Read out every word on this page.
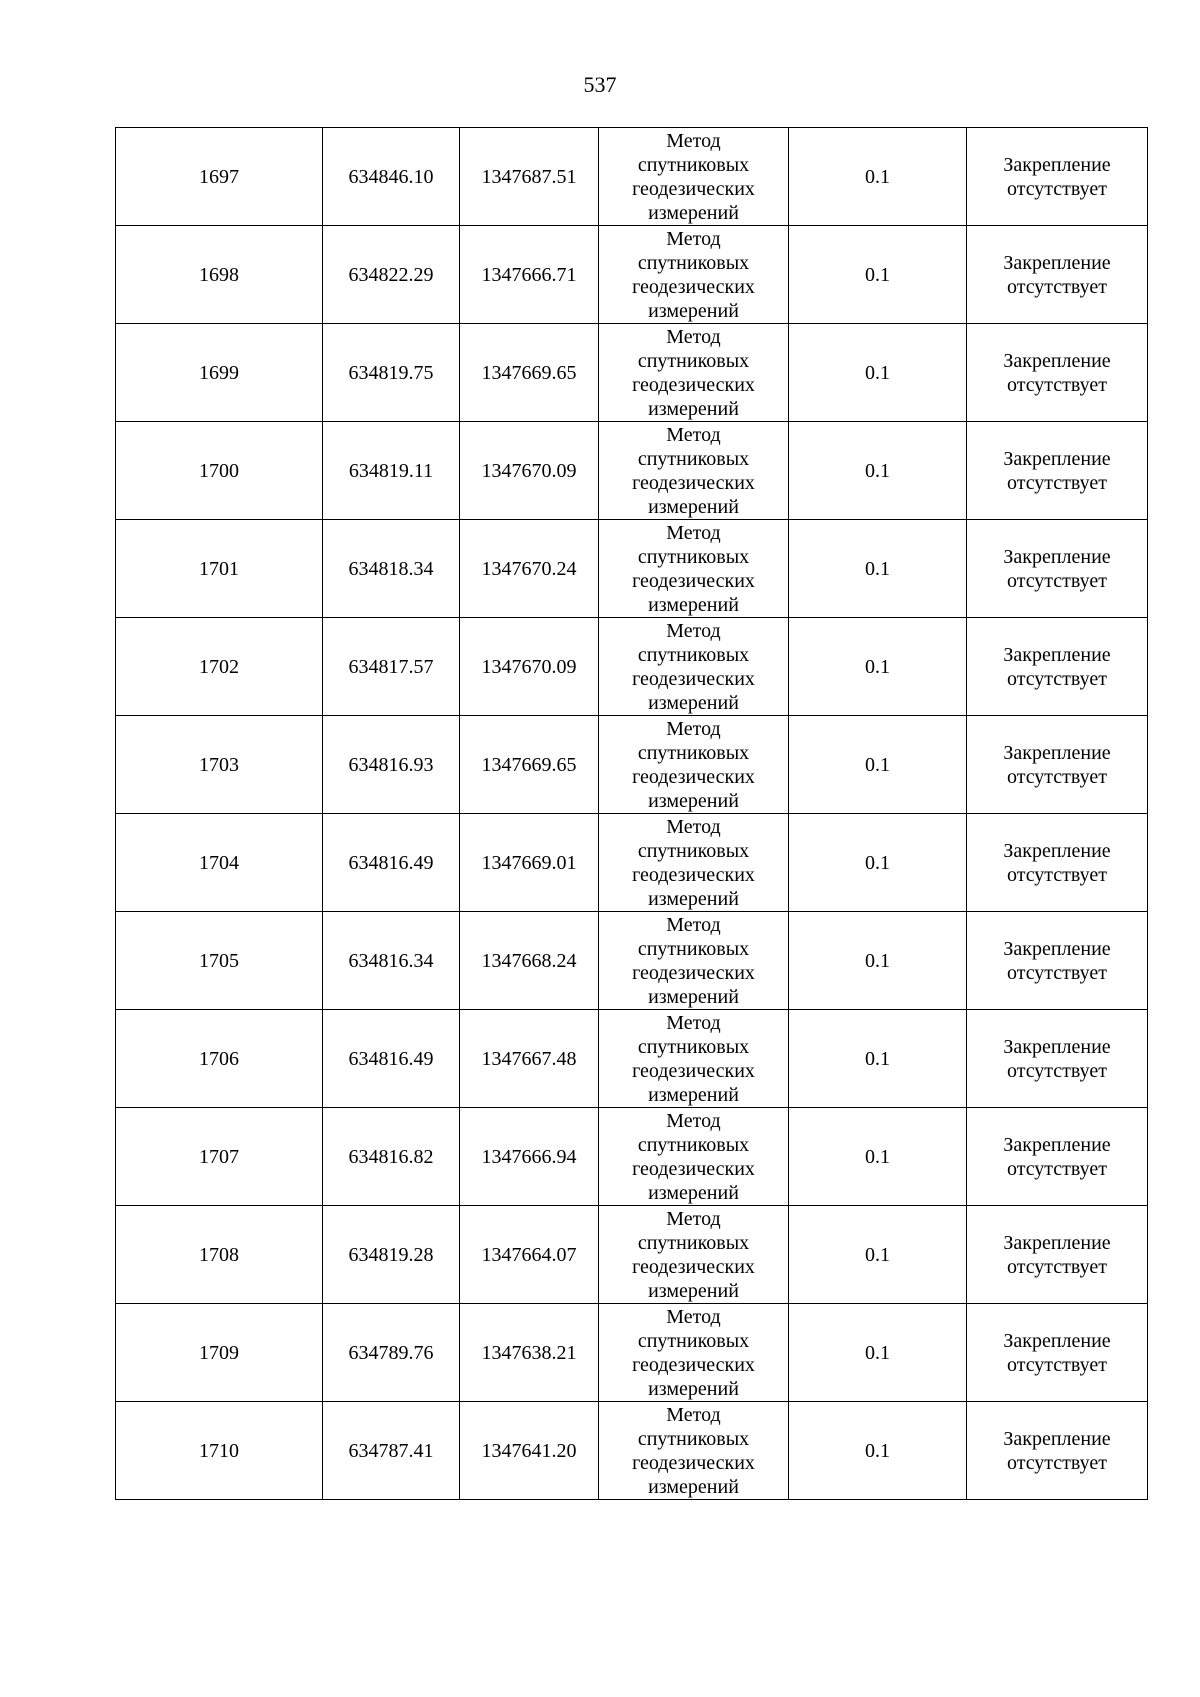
537
1697	634846.10	1347687.51	Метод
спутниковых
геодезических
измерений	0.1	Закрепление
отсутствует

1698	634822.29	1347666.71	Метод
спутниковых
геодезических
измерений	0.1	Закрепление
отсутствует

1699	634819.75	1347669.65	Метод
спутниковых
геодезических
измерений	0.1	Закрепление
отсутствует

1700	634819.11	1347670.09	Метод
спутниковых
геодезических
измерений	0.1	Закрепление
отсутствует

1701	634818.34	1347670.24	Метод
спутниковых
геодезических
измерений	0.1	Закрепление
отсутствует

1702	634817.57	1347670.09	Метод
спутниковых
геодезических
измерений	0.1	Закрепление
отсутствует

1703	634816.93	1347669.65	Метод
спутниковых
геодезических
измерений	0.1	Закрепление
отсутствует

1704	634816.49	1347669.01	Метод
спутниковых
геодезических
измерений	0.1	Закрепление
отсутствует

1705	634816.34	1347668.24	Метод
спутниковых
геодезических
измерений	0.1	Закрепление
отсутствует

1706	634816.49	1347667.48	Метод
спутниковых
геодезических
измерений	0.1	Закрепление
отсутствует

1707	634816.82	1347666.94	Метод
спутниковых
геодезических
измерений	0.1	Закрепление
отсутствует

1708	634819.28	1347664.07	Метод
спутниковых
геодезических
измерений	0.1	Закрепление
отсутствует

1709	634789.76	1347638.21	Метод
спутниковых
геодезических
измерений	0.1	Закрепление
отсутствует

1710	634787.41	1347641.20	Метод
спутниковых
геодезических
измерений	0.1	Закрепление
отсутствует
